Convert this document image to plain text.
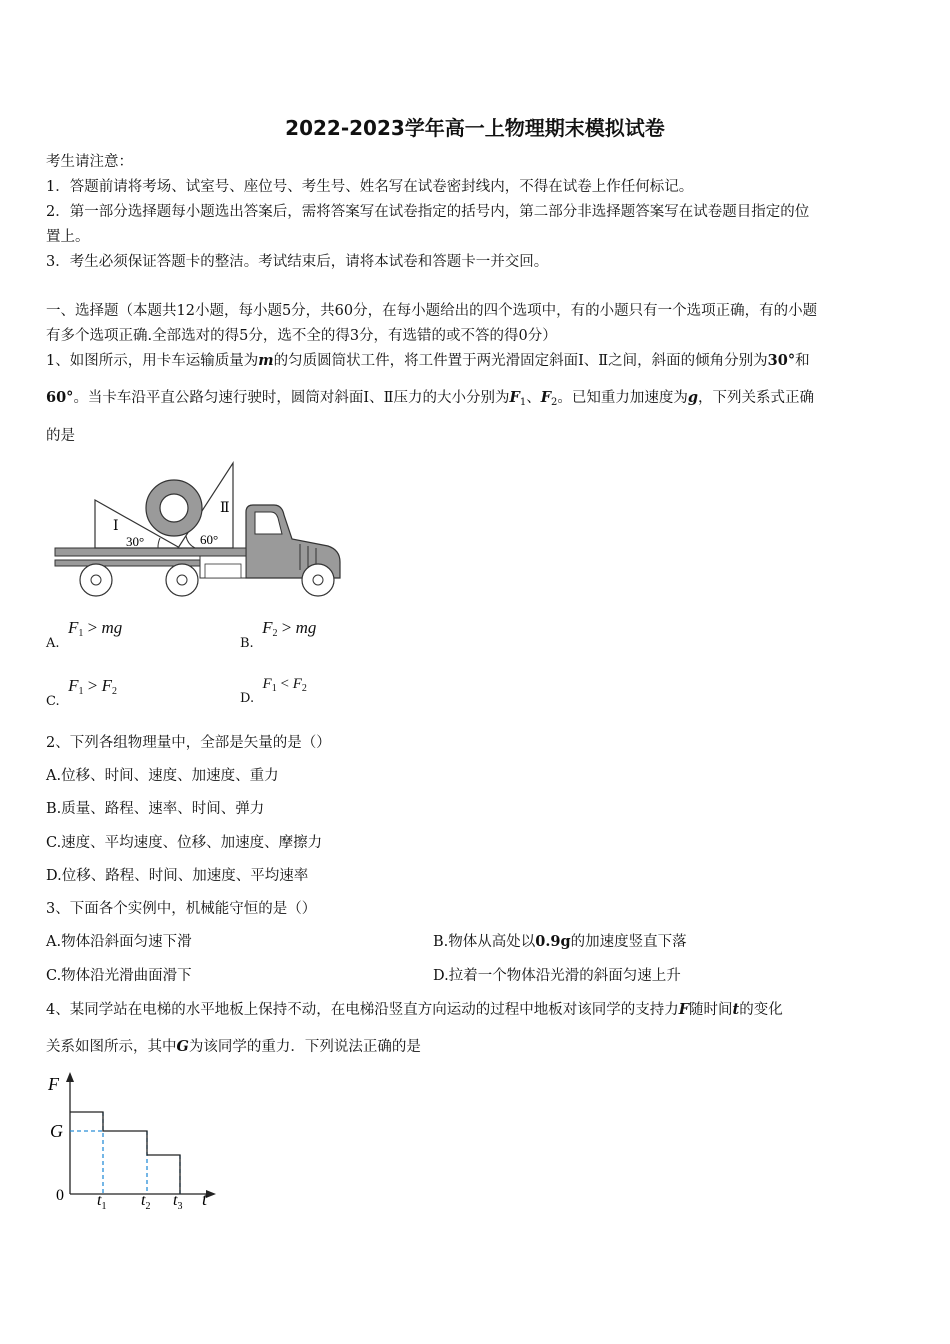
2022-2023学年高一上物理期末模拟试卷
考生请注意：
1．答题前请将考场、试室号、座位号、考生号、姓名写在试卷密封线内，不得在试卷上作任何标记。
2．第一部分选择题每小题选出答案后，需将答案写在试卷指定的括号内，第二部分非选择题答案写在试卷题目指定的位
置上。
3．考生必须保证答题卡的整洁。考试结束后，请将本试卷和答题卡一并交回。
一、选择题（本题共12小题，每小题5分，共60分，在每小题给出的四个选项中，有的小题只有一个选项正确，有的小题
有多个选项正确.全部选对的得5分，选不全的得3分，有选错的或不答的得0分）
1、如图所示，用卡车运输质量为m的匀质圆筒状工件，将工件置于两光滑固定斜面Ⅰ、Ⅱ之间，斜面的倾角分别为30°和
60°。当卡车沿平直公路匀速行驶时，圆筒对斜面Ⅰ、Ⅱ压力的大小分别为$F_1$、$F_2$。已知重力加速度为g，下列关系式正确
的是
Ⅰ
Ⅱ
30°	60°
A. $F_1$ > mg
B. $F_2$ > mg
C. $F_1 > F_2$	D. $F_1 < F_2$
2、下列各组物理量中，全部是矢量的是（）
A.位移、时间、速度、加速度、重力
B.质量、路程、速率、时间、弹力
C.速度、平均速度、位移、加速度、摩擦力
D.位移、路程、时间、加速度、平均速率
3、下面各个实例中，机械能守恒的是（）
A.物体沿斜面匀速下滑	B.物体从高处以0.9g的加速度竖直下落
C.物体沿光滑曲面滑下	D.拉着一个物体沿光滑的斜面匀速上升
4、某同学站在电梯的水平地板上保持不动，在电梯沿竖直方向运动的过程中地板对该同学的支持力F随时间t的变化
关系如图所示，其中G为该同学的重力．下列说法正确的是
F
G
0	t
$t_1$ $t_2$ $t_3$
